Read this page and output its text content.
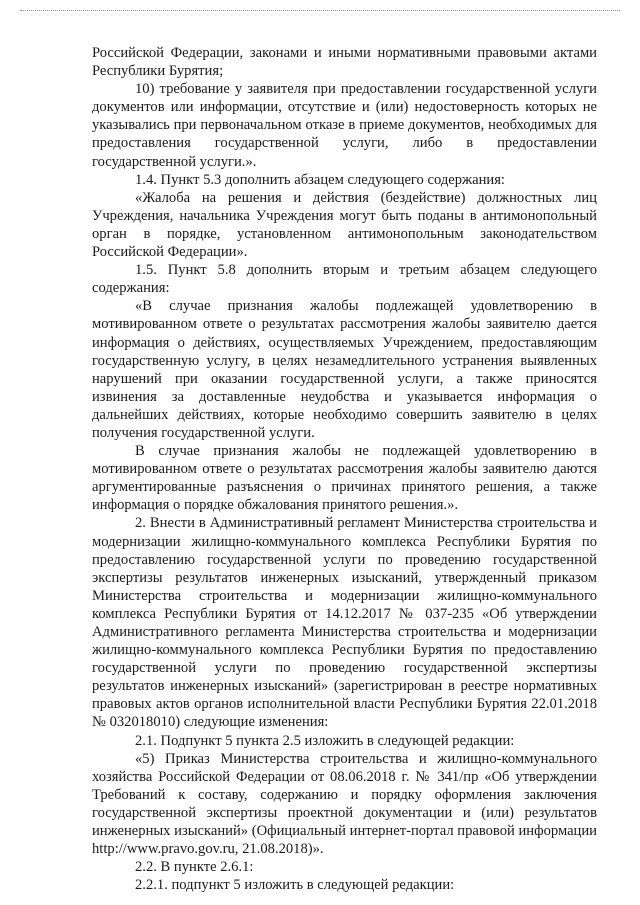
Российской Федерации, законами и иными нормативными правовыми актами Республики Бурятия;

10) требование у заявителя при предоставлении государственной услуги документов или информации, отсутствие и (или) недостоверность которых не указывались при первоначальном отказе в приеме документов, необходимых для предоставления государственной услуги, либо в предоставлении государственной услуги.».

1.4. Пункт 5.3 дополнить абзацем следующего содержания:

«Жалоба на решения и действия (бездействие) должностных лиц Учреждения, начальника Учреждения могут быть поданы в антимонопольный орган в порядке, установленном антимонопольным законодательством Российской Федерации».

1.5. Пункт 5.8 дополнить вторым и третьим абзацем следующего содержания:

«В случае признания жалобы подлежащей удовлетворению в мотивированном ответе о результатах рассмотрения жалобы заявителю дается информация о действиях, осуществляемых Учреждением, предоставляющим государственную услугу, в целях незамедлительного устранения выявленных нарушений при оказании государственной услуги, а также приносятся извинения за доставленные неудобства и указывается информация о дальнейших действиях, которые необходимо совершить заявителю в целях получения государственной услуги.

В случае признания жалобы не подлежащей удовлетворению в мотивированном ответе о результатах рассмотрения жалобы заявителю даются аргументированные разъяснения о причинах принятого решения, а также информация о порядке обжалования принятого решения.».

2. Внести в Административный регламент Министерства строительства и модернизации жилищно-коммунального комплекса Республики Бурятия по предоставлению государственной услуги по проведению государственной экспертизы результатов инженерных изысканий, утвержденный приказом Министерства строительства и модернизации жилищно-коммунального комплекса Республики Бурятия от 14.12.2017 № 037-235 «Об утверждении Административного регламента Министерства строительства и модернизации жилищно-коммунального комплекса Республики Бурятия по предоставлению государственной услуги по проведению государственной экспертизы результатов инженерных изысканий» (зарегистрирован в реестре нормативных правовых актов органов исполнительной власти Республики Бурятия 22.01.2018 № 032018010) следующие изменения:

2.1. Подпункт 5 пункта 2.5 изложить в следующей редакции:

«5) Приказ Министерства строительства и жилищно-коммунального хозяйства Российской Федерации от 08.06.2018 г. № 341/пр «Об утверждении Требований к составу, содержанию и порядку оформления заключения государственной экспертизы проектной документации и (или) результатов инженерных изысканий» (Официальный интернет-портал правовой информации http://www.pravo.gov.ru, 21.08.2018)».

2.2. В пункте 2.6.1:

2.2.1. подпункт 5 изложить в следующей редакции:
